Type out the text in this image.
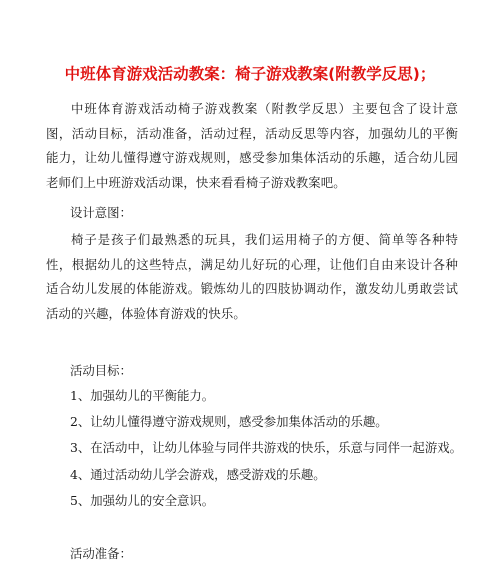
中班体育游戏活动教案：椅子游戏教案(附教学反思)；

中班体育游戏活动椅子游戏教案（附教学反思）主要包含了设计意图，活动目标，活动准备，活动过程，活动反思等内容，加强幼儿的平衡能力，让幼儿懂得遵守游戏规则，感受参加集体活动的乐趣，适合幼儿园老师们上中班游戏活动课，快来看看椅子游戏教案吧。

设计意图：

椅子是孩子们最熟悉的玩具，我们运用椅子的方便、简单等各种特性，根据幼儿的这些特点，满足幼儿好玩的心理，让他们自由来设计各种适合幼儿发展的体能游戏。锻炼幼儿的四肢协调动作，激发幼儿勇敢尝试活动的兴趣，体验体育游戏的快乐。

活动目标：

1、加强幼儿的平衡能力。

2、让幼儿懂得遵守游戏规则，感受参加集体活动的乐趣。

3、在活动中，让幼儿体验与同伴共游戏的快乐，乐意与同伴一起游戏。

4、通过活动幼儿学会游戏，感受游戏的乐趣。

5、加强幼儿的安全意识。

活动准备：
